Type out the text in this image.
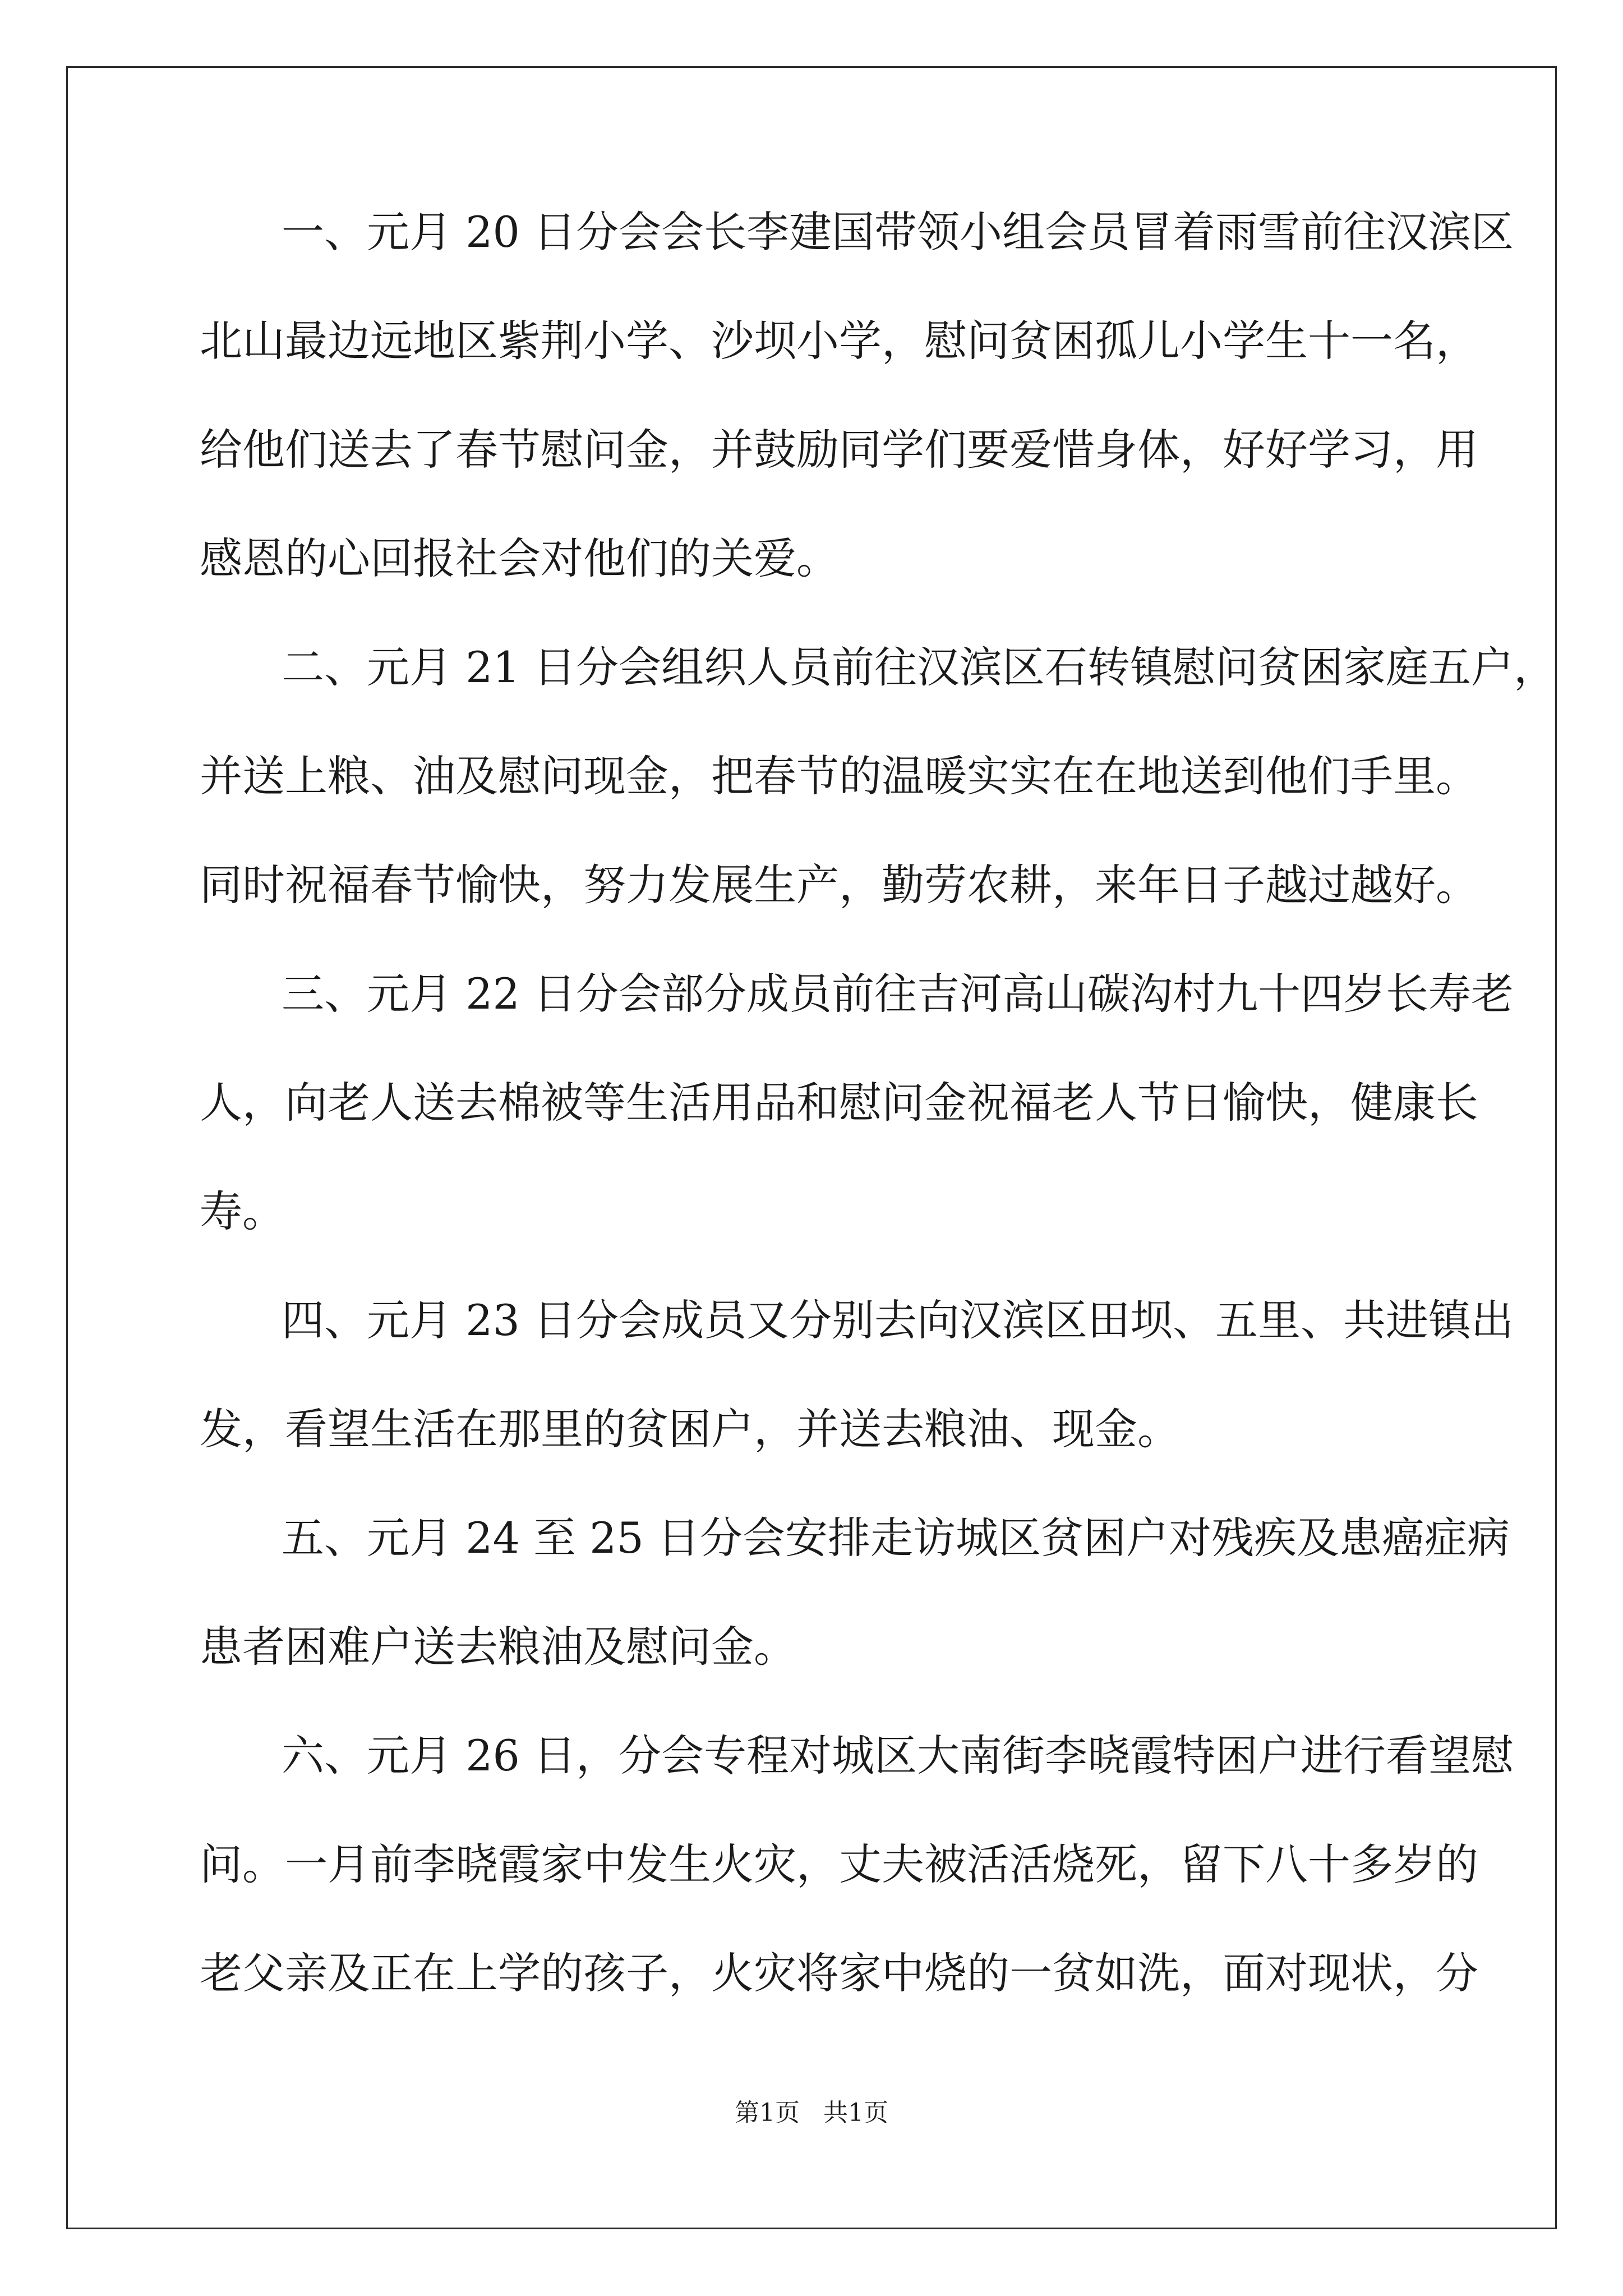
一、元月 20 日分会会长李建国带领小组会员冒着雨雪前往汉滨区

北山最边远地区紫荆小学、沙坝小学，慰问贫困孤儿小学生十一名，

给他们送去了春节慰问金，并鼓励同学们要爱惜身体，好好学习，用

感恩的心回报社会对他们的关爱。

二、元月 21 日分会组织人员前往汉滨区石转镇慰问贫困家庭五户，

并送上粮、油及慰问现金，把春节的温暖实实在在地送到他们手里。

同时祝福春节愉快，努力发展生产，勤劳农耕，来年日子越过越好。

三、元月 22 日分会部分成员前往吉河高山碳沟村九十四岁长寿老

人，向老人送去棉被等生活用品和慰问金祝福老人节日愉快，健康长

寿。

四、元月 23 日分会成员又分别去向汉滨区田坝、五里、共进镇出

发，看望生活在那里的贫困户，并送去粮油、现金。

五、元月 24 至 25 日分会安排走访城区贫困户对残疾及患癌症病

患者困难户送去粮油及慰问金。

六、元月 26 日，分会专程对城区大南街李晓霞特困户进行看望慰

问。一月前李晓霞家中发生火灾，丈夫被活活烧死，留下八十多岁的

老父亲及正在上学的孩子，火灾将家中烧的一贫如洗，面对现状，分

第1页   共1页
